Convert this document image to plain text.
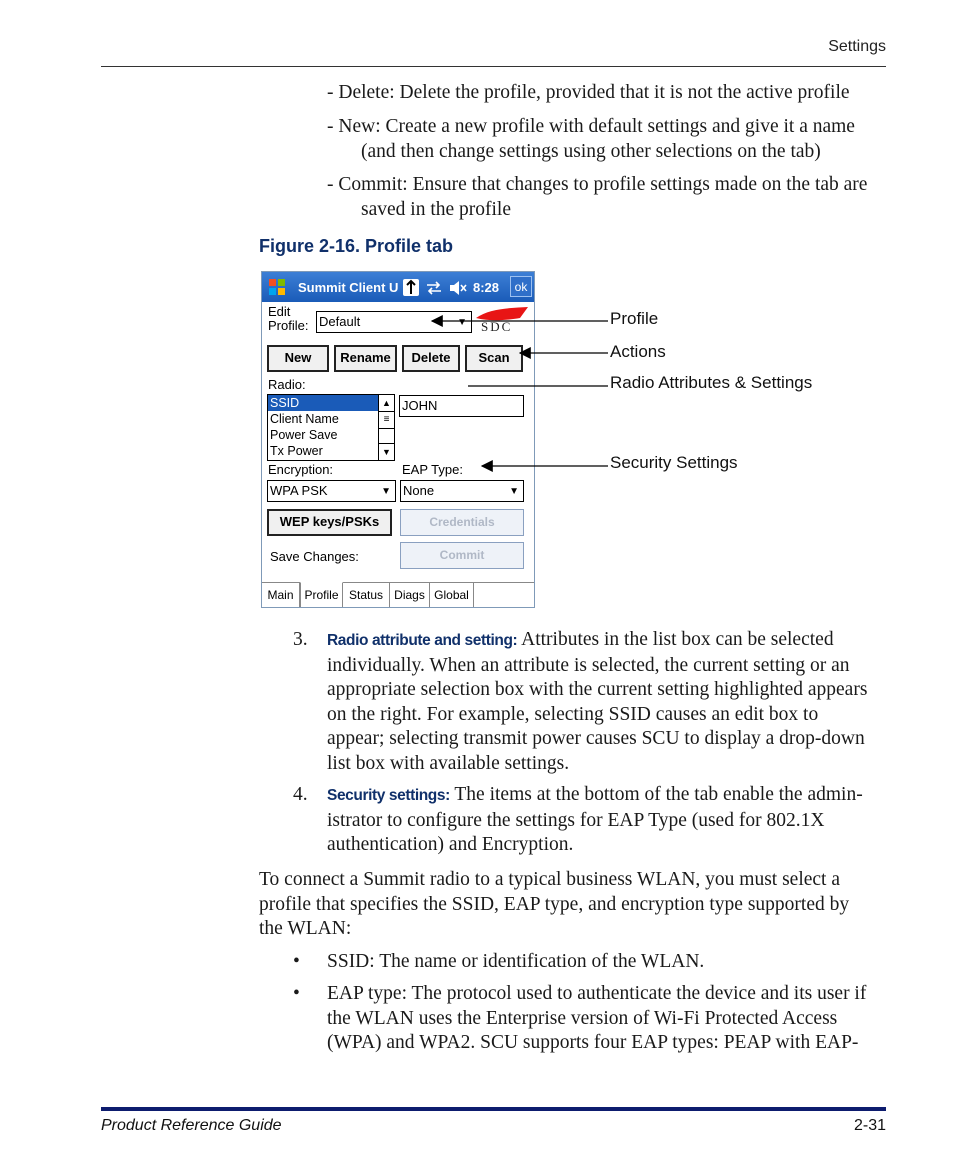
Settings
- Delete: Delete the profile, provided that it is not the active profile
- New: Create a new profile with default settings and give it a name
(and then change settings using other selections on the tab)
- Commit: Ensure that changes to profile settings made on the tab are
saved in the profile
Figure 2-16. Profile tab
Summit Client U	8:28	ok
Edit
Profile: Default	▼ SDC
New	Rename	Delete	Scan
Radio:
SSID
Client Name
Power Save
Tx Power
▲
≡
▼
JOHN
Encryption:	EAP Type:
WPA PSK	▼ None	▼
WEP keys/PSKs	Credentials
Save Changes:	Commit
Main Profile Status Diags Global
Profile
Actions
Radio Attributes & Settings
Security Settings
3. Radio attribute and setting: Attributes in the list box can be selected
individually. When an attribute is selected, the current setting or an
appropriate selection box with the current setting highlighted appears
on the right. For example, selecting SSID causes an edit box to
appear; selecting transmit power causes SCU to display a drop-down
list box with available settings.
4. Security settings: The items at the bottom of the tab enable the admin-
istrator to configure the settings for EAP Type (used for 802.1X
authentication) and Encryption.
To connect a Summit radio to a typical business WLAN, you must select a
profile that specifies the SSID, EAP type, and encryption type supported by
the WLAN:
• SSID: The name or identification of the WLAN.
• EAP type: The protocol used to authenticate the device and its user if
the WLAN uses the Enterprise version of Wi-Fi Protected Access
(WPA) and WPA2. SCU supports four EAP types: PEAP with EAP-
Product Reference Guide	2-31
